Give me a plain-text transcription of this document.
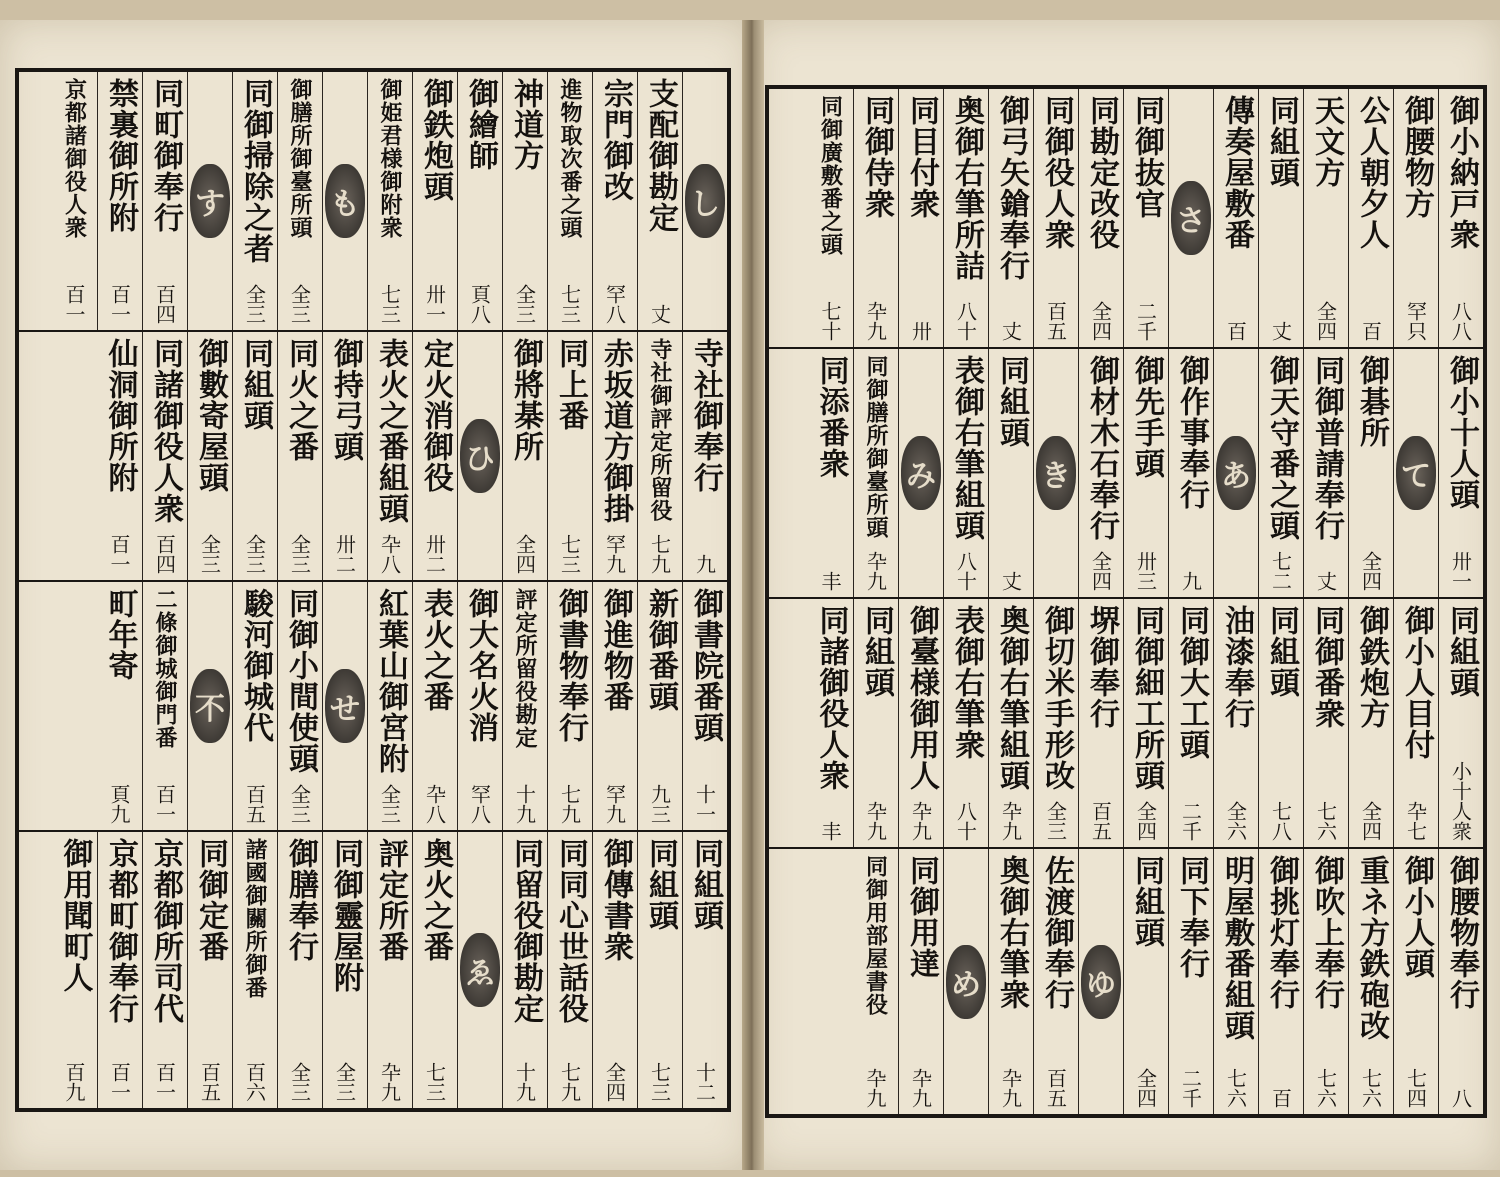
し
支配御勘定
丈
宗門御改
罕八
進物取次番之頭
七三
神道方
全三
御繪師
頁八
御鉄炮頭
卅一
御姫君様御附衆
七三
も
御膳所御臺所頭
全三
同御掃除之者
全三
す
同町御奉行
百四
禁裏御所附
百一
京都諸御役人衆
百一
寺社御奉行
九
寺社御評定所留役
七九
赤坂道方御掛
罕九
同上番
七三
御將棊所
全四
ひ
定火消御役
卅二
表火之番組頭
卆八
御持弓頭
卅二
同火之番
全三
同組頭
全三
御數寄屋頭
全三
同諸御役人衆
百四
仙洞御所附
百一
御書院番頭
十一
新御番頭
九三
御進物番
罕九
御書物奉行
七九
評定所留役勘定
十九
御大名火消
罕八
表火之番
卆八
紅葉山御宮附
全三
せ
同御小間使頭
全三
駿河御城代
百五
不
二條御城御門番
百一
町年寄
頁九
同組頭
十二
同組頭
七三
御傳書衆
全四
同同心世話役
七九
同留役御勘定
十九
ゑ
奥火之番
七三
評定所番
卆九
同御靈屋附
全三
御膳奉行
全三
諸國御關所御番
百六
同御定番
百五
京都御所司代
百一
京都町御奉行
百一
御用聞町人
百九
御小納戸衆
八八
御腰物方
罕只
公人朝夕人
百
天文方
全四
同組頭
丈
傳奏屋敷番
百
さ
同御抜官
二千
同勘定改役
全四
同御役人衆
百五
御弓矢鎗奉行
丈
奥御右筆所詰
八十
同目付衆
卅
同御侍衆
卆九
同御廣敷番之頭
七十
御小十人頭
卅一
て
御碁所
全四
同御普請奉行
丈
御天守番之頭
七二
あ
御作事奉行
九
御先手頭
卅三
御材木石奉行
全四
き
同組頭
丈
表御右筆組頭
八十
み
同御膳所御臺所頭
卆九
同添番衆
丰
同組頭
小十人衆
御小人目付
卆七
御鉄炮方
全四
同御番衆
七六
同組頭
七八
油漆奉行
全六
同御大工頭
二千
同御細工所頭
全四
堺御奉行
百五
御切米手形改
全三
奥御右筆組頭
卆九
表御右筆衆
八十
御臺様御用人
卆九
同組頭
卆九
同諸御役人衆
丰
御腰物奉行
八
御小人頭
七四
重ネ方鉄砲改
七六
御吹上奉行
七六
御挑灯奉行
百
明屋敷番組頭
七六
同下奉行
二千
同組頭
全四
ゆ
佐渡御奉行
百五
奥御右筆衆
卆九
め
同御用達
卆九
同御用部屋書役
卆九
